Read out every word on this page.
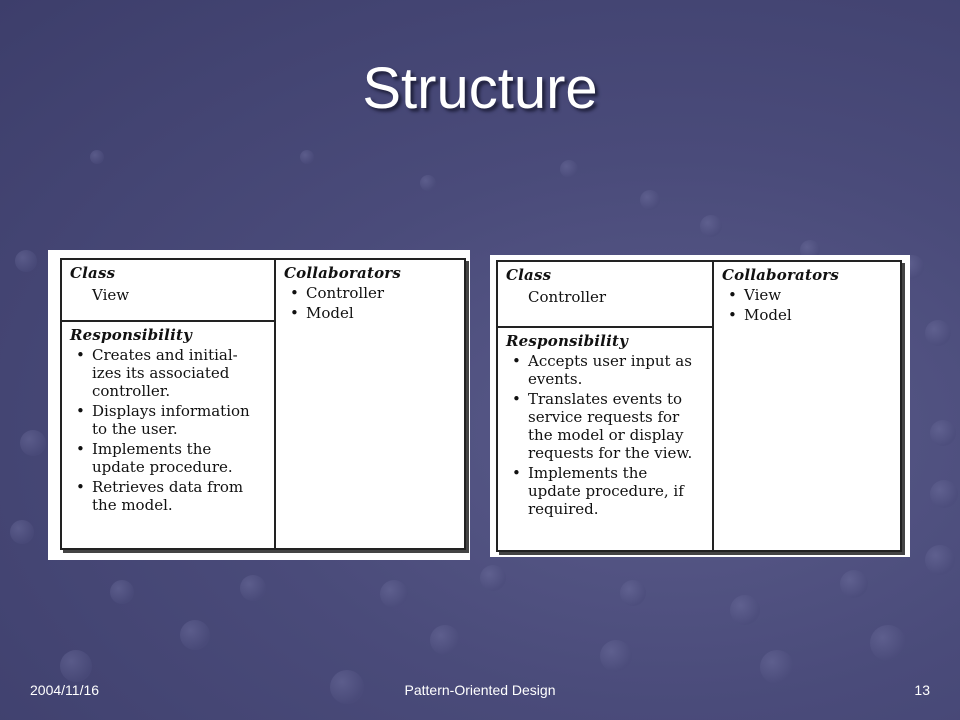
Structure
Class
View
Responsibility
• Creates and initial-izes its associated controller.
• Displays information to the user.
• Implements the update procedure.
• Retrieves data from the model.
Collaborators
• Controller
• Model
Class
Controller
Responsibility
• Accepts user input as events.
• Translates events to service requests for the model or display requests for the view.
• Implements the update procedure, if required.
Collaborators
• View
• Model
2004/11/16	Pattern-Oriented Design	13
